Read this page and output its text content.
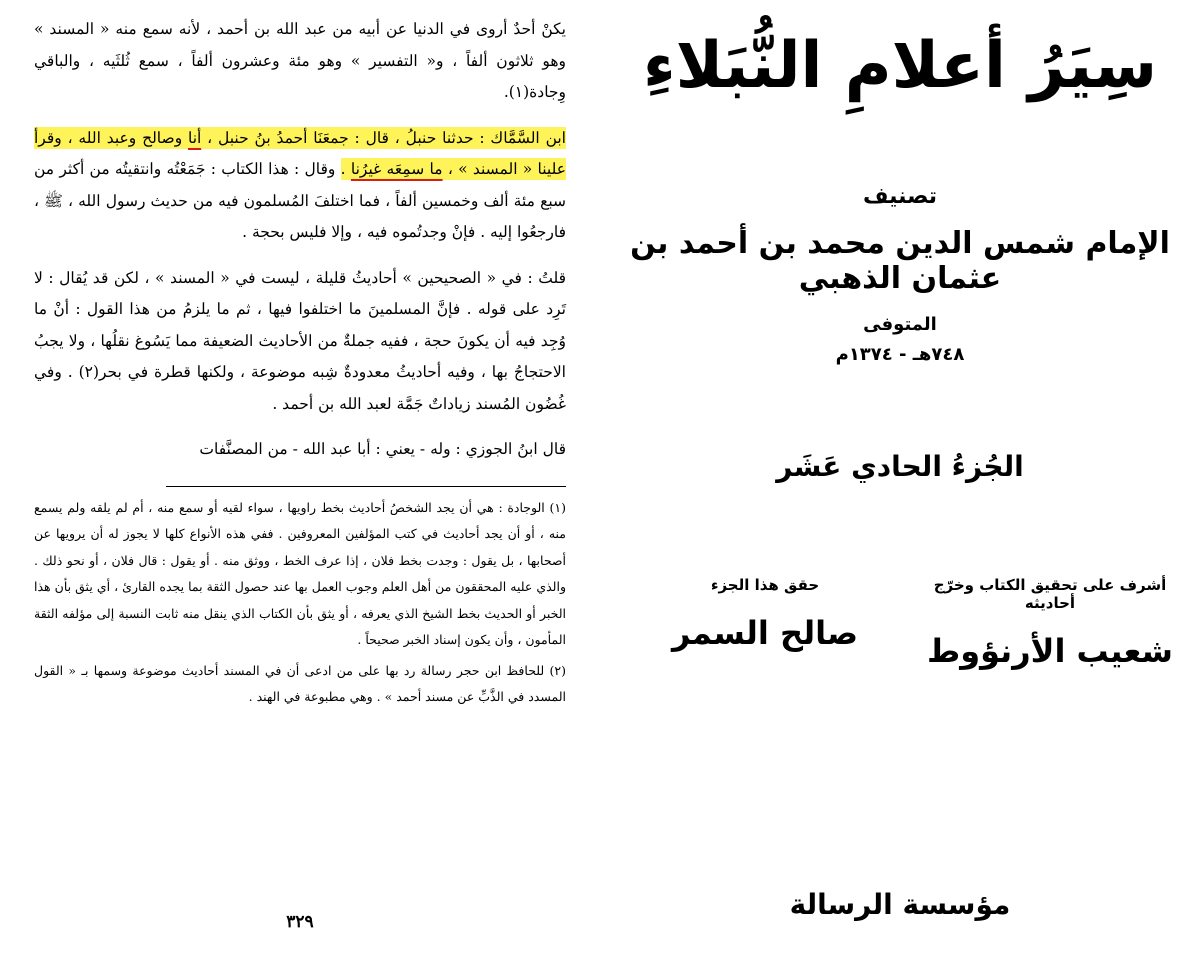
يكنْ أحدٌ أروى في الدنيا عن أبيه من عبد الله بن أحمد ، لأنه سمع منه « المسند » وهو ثلاثون ألفاً ، و« التفسير » وهو مئة وعشرون ألفاً ، سمع ثُلثَيه ، والباقي وِجادة(١).

ابن السَّمَّاك : حدثنا حنبلُ ، قال : جمعَنَا أحمدُ بنُ حنبل ، أنا وصالح وعبد الله ، وقرأ علينا « المسند » ، ما سمِعَه غيرُنا . وقال : هذا الكتاب : جَمَعْتُه وانتقيتُه من أكثر من سبع مئة ألف وخمسين ألفاً ، فما اختلفَ المُسلمون فيه من حديث رسول الله ، ﷺ ، فارجعُوا إليه . فإنْ وجدتُموه فيه ، وإلا فليس بحجة .

قلتُ : في « الصحيحين » أحاديثُ قليلة ، ليست في « المسند » ، لكن قد يُقال : لا تَرِد على قوله . فإنَّ المسلمينَ ما اختلفوا فيها ، ثم ما يلزمُ من هذا القول : أنْ ما وُجِد فيه أن يكونَ حجة ، ففيه جملةٌ من الأحاديث الضعيفة مما يَسُوغ نقلُها ، ولا يجبُ الاحتجاجُ بها ، وفيه أحاديثُ معدودةٌ شِبه موضوعة ، ولكنها قطرة في بحر(٢) . وفي غُضُون المُسند زياداتٌ جَمَّة لعبد الله بن أحمد .

قال ابنُ الجوزي : وله - يعني : أبا عبد الله - من المصنَّفات

(١) الوجادة : هي أن يجد الشخصُ أحاديث بخط راويها ، سواء لقيه أو سمع منه ، أم لم يلقه ولم يسمع منه ، أو أن يجد أحاديث في كتب المؤلفين المعروفين . ففي هذه الأنواع كلها لا يجوز له أن يرويها عن أصحابها ، بل يقول : وجدت بخط فلان ، إذا عرف الخط ، ووثق منه . أو يقول : قال فلان ، أو نحو ذلك . والذي عليه المحققون من أهل العلم وجوب العمل بها عند حصول الثقة بما يجده القارئ ، أي يثق بأن هذا الخبر أو الحديث بخط الشيخ الذي يعرفه ، أو يثق بأن الكتاب الذي ينقل منه ثابت النسبة إلى مؤلفه الثقة المأمون ، وأن يكون إسناد الخبر صحيحاً .

(٢) للحافظ ابن حجر رسالة رد بها على من ادعى أن في المسند أحاديث موضوعة وسمها بـ « القول المسدد في الذَّبِّ عن مسند أحمد » . وهي مطبوعة في الهند .

٣٢٩
سِيَرُ أعلامِ النُّبَلاءِ
تصنيف
الإمام شمس الدين محمد بن أحمد بن عثمان الذهبي
المتوفى
٧٤٨هـ - ١٣٧٤م
الجُزءُ الحادي عَشَر
أشرف على تحقيق الكتاب وخرّج أحاديثه
شعيب الأرنؤوط
حقق هذا الجزء
صالح السمر
مؤسسة الرسالة
